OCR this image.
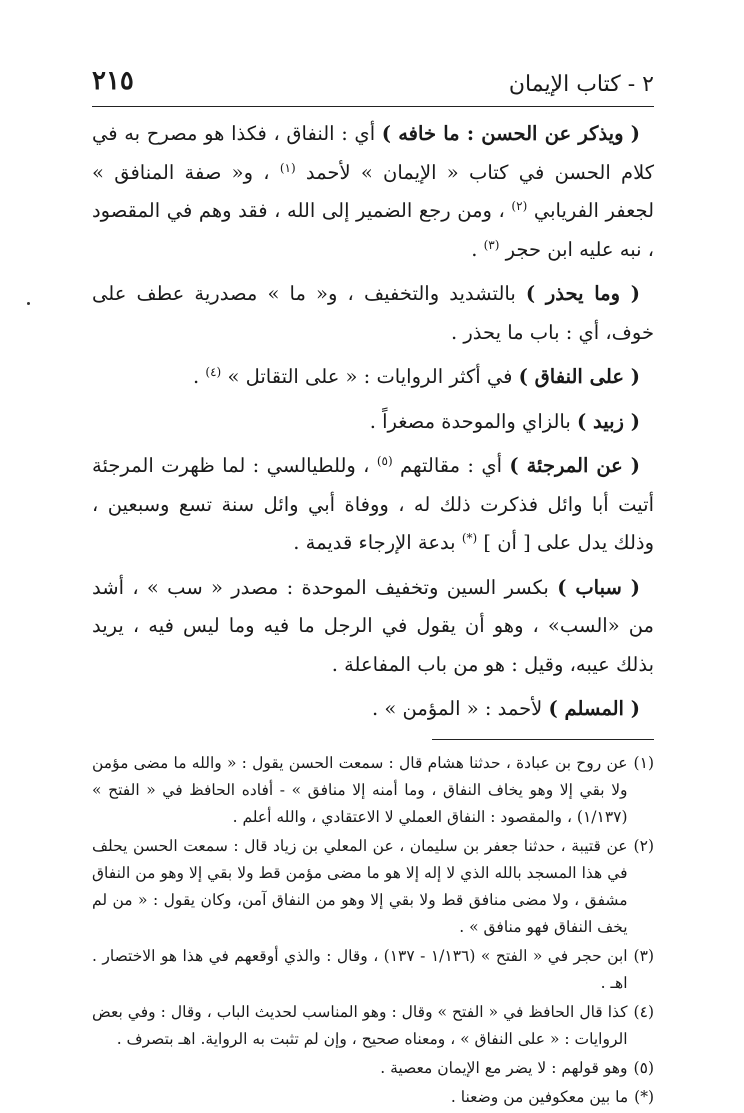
٢ - كتاب الإيمان
٢١٥

( ويذكر عن الحسن : ما خافه ) أي : النفاق ، فكذا هو مصرح به في كلام الحسن في كتاب « الإيمان » لأحمد $^{(١)}$ ، و« صفة المنافق » لجعفر الفريابي $^{(٢)}$ ، ومن رجع الضمير إلى الله ، فقد وهم في المقصود ، نبه عليه ابن حجر $^{(٣)}$ .

( وما يحذر ) بالتشديد والتخفيف ، و« ما » مصدرية عطف على خوف، أي : باب ما يحذر .

( على النفاق ) في أكثر الروايات : « على التقاتل » $^{(٤)}$ .

( زبيد ) بالزاي والموحدة مصغراً .

( عن المرجئة ) أي : مقالتهم $^{(٥)}$ ، وللطيالسي : لما ظهرت المرجئة أتيت أبا وائل فذكرت ذلك له ، ووفاة أبي وائل سنة تسع وسبعين ، وذلك يدل على [ أن ] (*) بدعة الإرجاء قديمة .

( سباب ) بكسر السين وتخفيف الموحدة : مصدر « سب » ، أشد من «السب» ، وهو أن يقول في الرجل ما فيه وما ليس فيه ، يريد بذلك عيبه، وقيل : هو من باب المفاعلة .

( المسلم ) لأحمد : « المؤمن » .

(١)
عن روح بن عبادة ، حدثنا هشام قال : سمعت الحسن يقول : « والله ما مضى مؤمن ولا بقي إلا وهو يخاف النفاق ، وما أمنه إلا منافق » - أفاده الحافظ في « الفتح » (١/١٣٧) ، والمقصود : النفاق العملي لا الاعتقادي ، والله أعلم .
(٢)
عن قتيبة ، حدثنا جعفر بن سليمان ، عن المعلي بن زياد قال : سمعت الحسن يحلف في هذا المسجد بالله الذي لا إله إلا هو ما مضى مؤمن قط ولا بقي إلا وهو من النفاق مشفق ، ولا مضى منافق قط ولا بقي إلا وهو من النفاق آمن، وكان يقول : « من لم يخف النفاق فهو منافق » .
(٣)
ابن حجر في « الفتح » (١/١٣٦ - ١٣٧) ، وقال : والذي أوقعهم في هذا هو الاختصار . اهـ .
(٤)
كذا قال الحافظ في « الفتح » وقال : وهو المناسب لحديث الباب ، وقال : وفي بعض الروايات : « على النفاق » ، ومعناه صحيح ، وإن لم تثبت به الرواية. اهـ بتصرف .
(٥)
وهو قولهم : لا يضر مع الإيمان معصية .
(*)
ما بين معكوفين من وضعنا .
